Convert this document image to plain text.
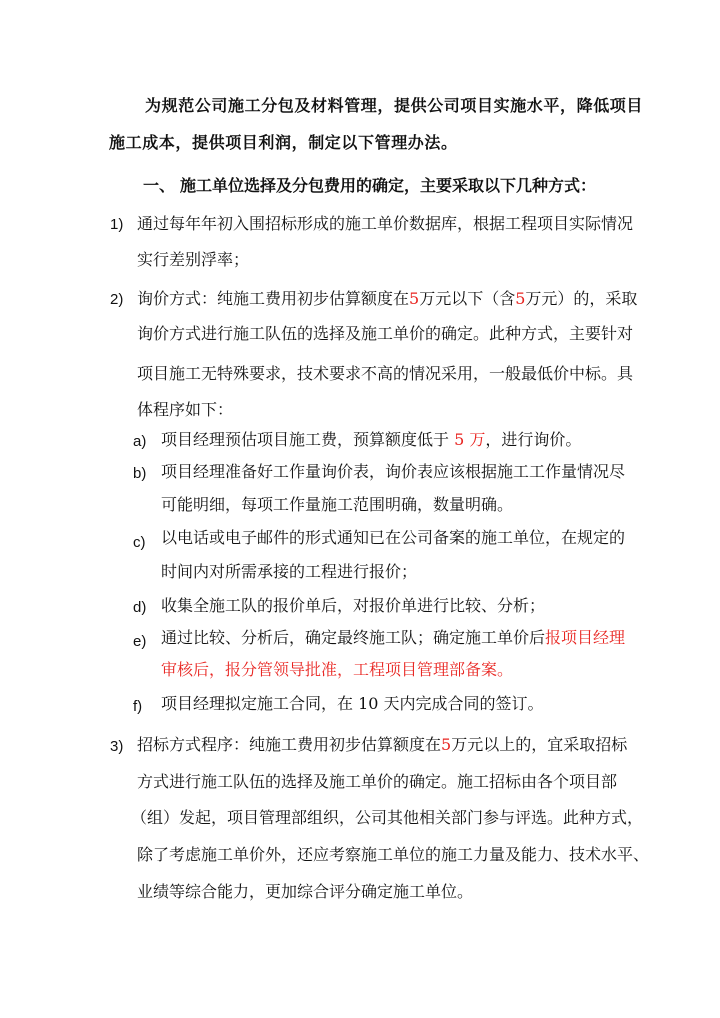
为规范公司施工分包及材料管理，提供公司项目实施水平，降低项目
施工成本，提供项目利润，制定以下管理办法。
一、 施工单位选择及分包费用的确定，主要采取以下几种方式：
1) 通过每年年初入围招标形成的施工单价数据库，根据工程项目实际情况
实行差别浮率；
2) 询价方式：纯施工费用初步估算额度在5万元以下（含5万元）的，采取
询价方式进行施工队伍的选择及施工单价的确定。此种方式，主要针对
项目施工无特殊要求，技术要求不高的情况采用，一般最低价中标。具
体程序如下：
a) 项目经理预估项目施工费，预算额度低于 5 万，进行询价。
b) 项目经理准备好工作量询价表，询价表应该根据施工工作量情况尽
可能明细，每项工作量施工范围明确，数量明确。
c) 以电话或电子邮件的形式通知已在公司备案的施工单位，在规定的
时间内对所需承接的工程进行报价；
d) 收集全施工队的报价单后，对报价单进行比较、分析；
e) 通过比较、分析后，确定最终施工队；确定施工单价后报项目经理
审核后，报分管领导批准，工程项目管理部备案。
f) 项目经理拟定施工合同，在 10 天内完成合同的签订。
3) 招标方式程序：纯施工费用初步估算额度在5万元以上的，宜采取招标
方式进行施工队伍的选择及施工单价的确定。施工招标由各个项目部
（组）发起，项目管理部组织，公司其他相关部门参与评选。此种方式，
除了考虑施工单价外，还应考察施工单位的施工力量及能力、技术水平、
业绩等综合能力，更加综合评分确定施工单位。
